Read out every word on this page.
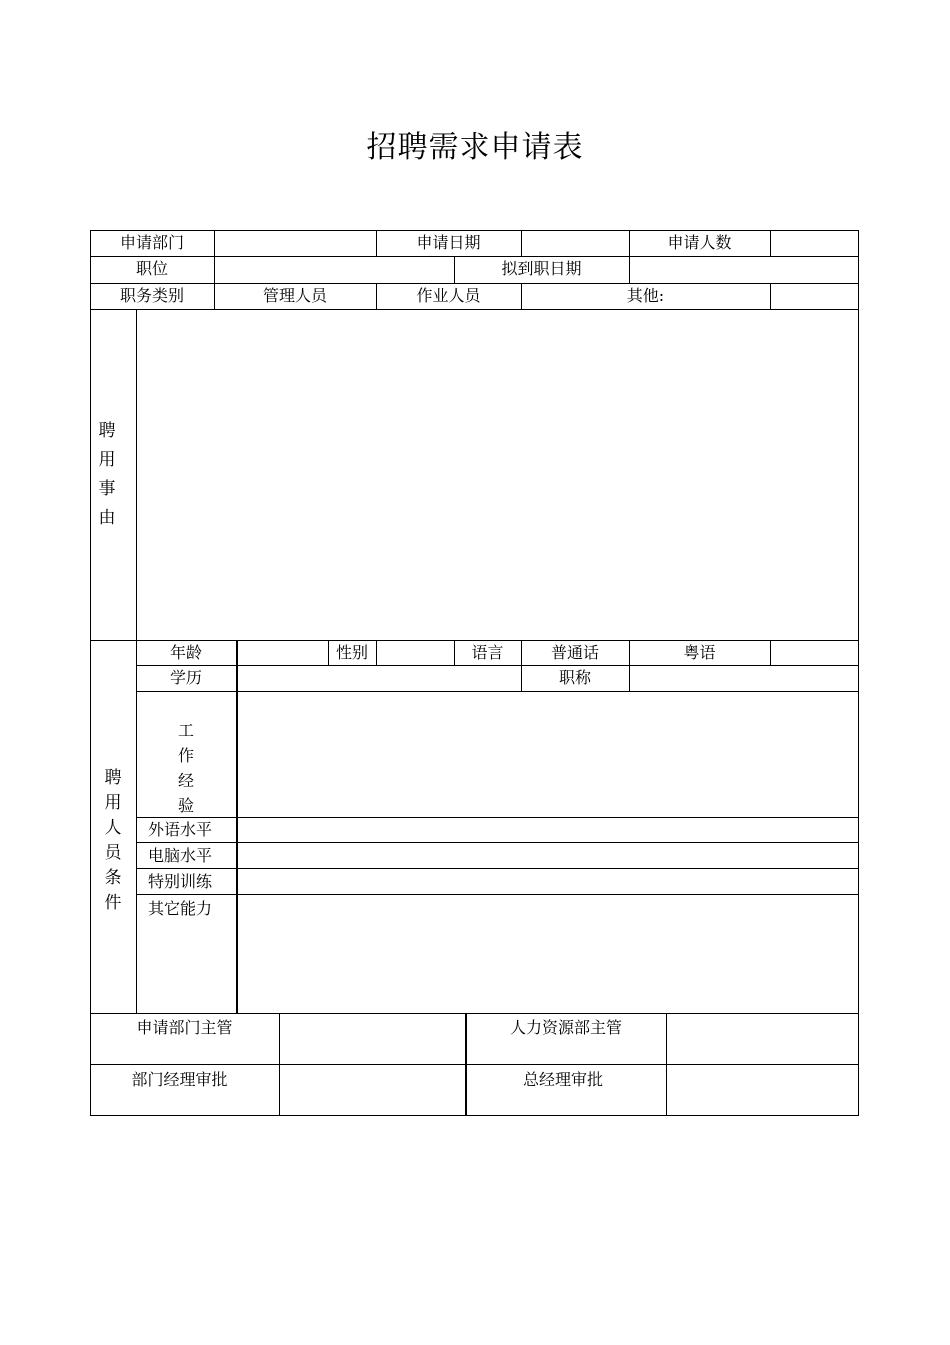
招聘需求申请表
申请部门	申请日期	申请人数
职位	拟到职日期
职务类别	管理人员	作业人员	其他:
聘
用
事
由
聘
用
人
员
条
件
年龄	性别	语言	普通话	粤语
学历	职称
工
作
经
验
外语水平
电脑水平
特别训练
其它能力
申请部门主管	人力资源部主管
部门经理审批	总经理审批
